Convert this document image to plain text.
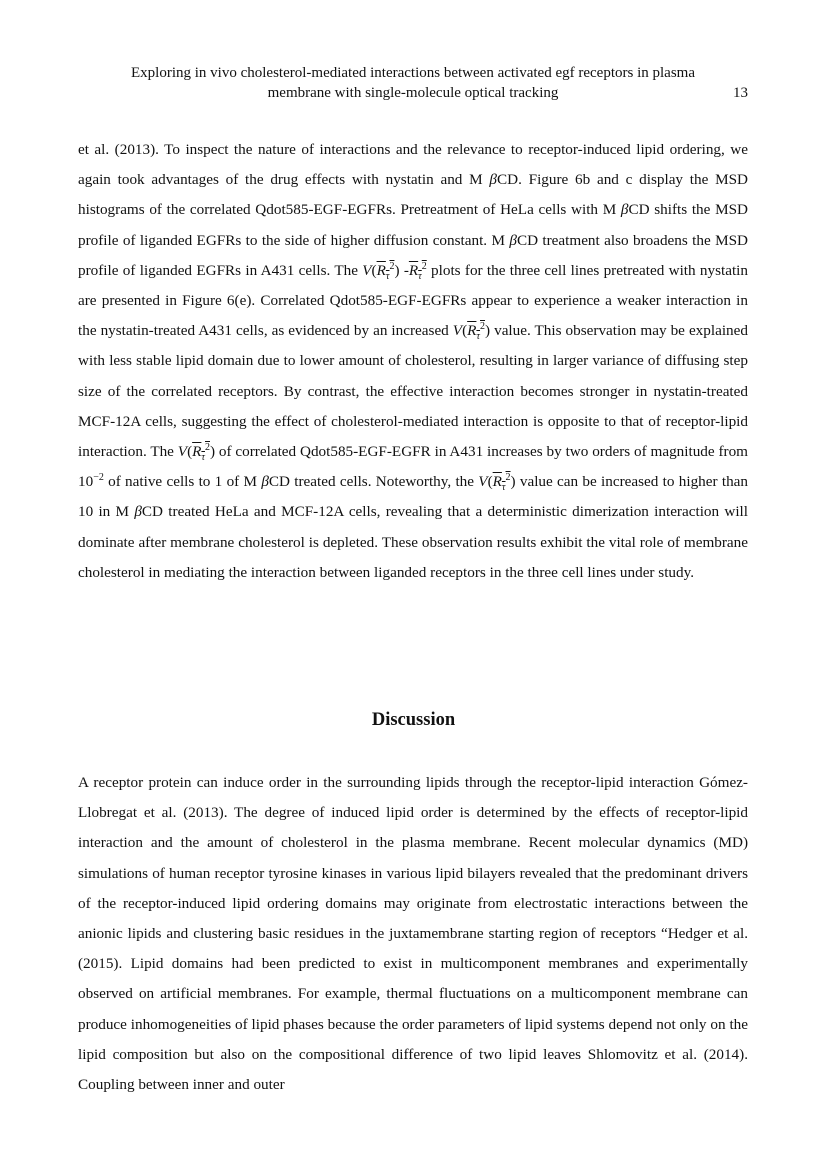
Exploring in vivo cholesterol-mediated interactions between activated egf receptors in plasma
membrane with single-molecule optical tracking	13
et al. (2013). To inspect the nature of interactions and the relevance to receptor-induced lipid ordering, we again took advantages of the drug effects with nystatin and M βCD. Figure 6b and c display the MSD histograms of the correlated Qdot585-EGF-EGFRs. Pretreatment of HeLa cells with M βCD shifts the MSD profile of liganded EGFRs to the side of higher diffusion constant. M βCD treatment also broadens the MSD profile of liganded EGFRs in A431 cells. The $V(R_\tau^2)$ $-R_\tau^2$ plots for the three cell lines pretreated with nystatin are presented in Figure 6(e). Correlated Qdot585-EGF-EGFRs appear to experience a weaker interaction in the nystatin-treated A431 cells, as evidenced by an increased $V(R_\tau^2)$ value. This observation may be explained with less stable lipid domain due to lower amount of cholesterol, resulting in larger variance of diffusing step size of the correlated receptors. By contrast, the effective interaction becomes stronger in nystatin-treated MCF-12A cells, suggesting the effect of cholesterol-mediated interaction is opposite to that of receptor-lipid interaction. The $V(R_\tau^2)$ of correlated Qdot585-EGF-EGFR in A431 increases by two orders of magnitude from $10^{-2}$ of native cells to 1 of M βCD treated cells. Noteworthy, the $V(R_\tau^2)$ value can be increased to higher than 10 in M βCD treated HeLa and MCF-12A cells, revealing that a deterministic dimerization interaction will dominate after membrane cholesterol is depleted. These observation results exhibit the vital role of membrane cholesterol in mediating the interaction between liganded receptors in the three cell lines under study.
Discussion
A receptor protein can induce order in the surrounding lipids through the receptor-lipid interaction Gómez-Llobregat et al. (2013). The degree of induced lipid order is determined by the effects of receptor-lipid interaction and the amount of cholesterol in the plasma membrane. Recent molecular dynamics (MD) simulations of human receptor tyrosine kinases in various lipid bilayers revealed that the predominant drivers of the receptor-induced lipid ordering domains may originate from electrostatic interactions between the anionic lipids and clustering basic residues in the juxtamembrane starting region of receptors “Hedger et al. (2015). Lipid domains had been predicted to exist in multicomponent membranes and experimentally observed on artificial membranes. For example, thermal fluctuations on a multicomponent membrane can produce inhomogeneities of lipid phases because the order parameters of lipid systems depend not only on the lipid composition but also on the compositional difference of two lipid leaves Shlomovitz et al. (2014). Coupling between inner and outer
